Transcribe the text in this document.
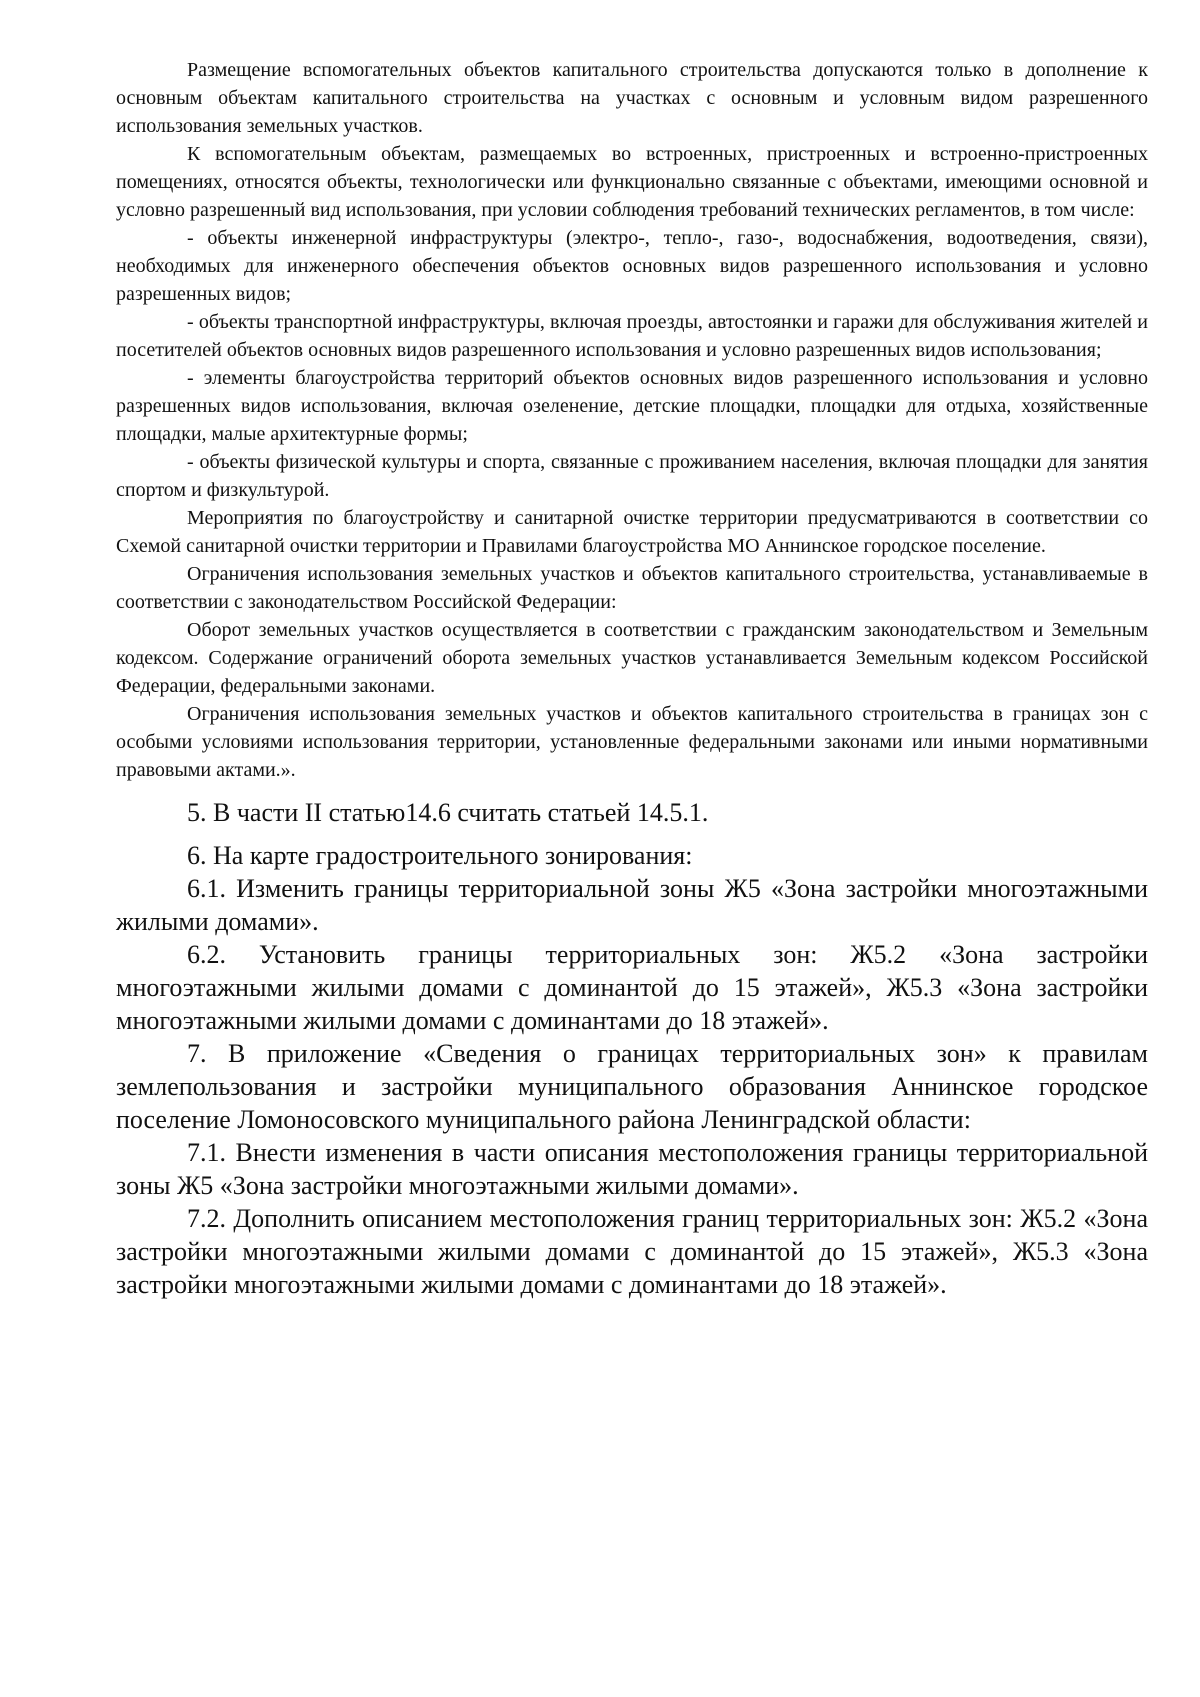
Размещение вспомогательных объектов капитального строительства допускаются только в дополнение к основным объектам капитального строительства на участках с основным и условным видом разрешенного использования земельных участков.

К вспомогательным объектам, размещаемых во встроенных, пристроенных и встроенно-пристроенных помещениях, относятся объекты, технологически или функционально связанные с объектами, имеющими основной и условно разрешенный вид использования, при условии соблюдения требований технических регламентов, в том числе:

- объекты инженерной инфраструктуры (электро-, тепло-, газо-, водоснабжения, водоотведения, связи), необходимых для инженерного обеспечения объектов основных видов разрешенного использования и условно разрешенных видов;

- объекты транспортной инфраструктуры, включая проезды, автостоянки и гаражи для обслуживания жителей и посетителей объектов основных видов разрешенного использования и условно разрешенных видов использования;

- элементы благоустройства территорий объектов основных видов разрешенного использования и условно разрешенных видов использования, включая озеленение, детские площадки, площадки для отдыха, хозяйственные площадки, малые архитектурные формы;

- объекты физической культуры и спорта, связанные с проживанием населения, включая площадки для занятия спортом и физкультурой.

Мероприятия по благоустройству и санитарной очистке территории предусматриваются в соответствии со Схемой санитарной очистки территории и Правилами благоустройства МО Аннинское городское поселение.

Ограничения использования земельных участков и объектов капитального строительства, устанавливаемые в соответствии с законодательством Российской Федерации:

Оборот земельных участков осуществляется в соответствии с гражданским законодательством и Земельным кодексом. Содержание ограничений оборота земельных участков устанавливается Земельным кодексом Российской Федерации, федеральными законами.

Ограничения использования земельных участков и объектов капитального строительства в границах зон с особыми условиями использования территории, установленные федеральными законами или иными нормативными правовыми актами.».

5. В части II статью14.6 считать статьей 14.5.1.

6. На карте градостроительного зонирования:

6.1. Изменить границы территориальной зоны Ж5 «Зона застройки многоэтажными жилыми домами».

6.2. Установить границы территориальных зон: Ж5.2 «Зона застройки многоэтажными жилыми домами с доминантой до 15 этажей», Ж5.3 «Зона застройки многоэтажными жилыми домами с доминантами до 18 этажей».

7. В приложение «Сведения о границах территориальных зон» к правилам землепользования и застройки муниципального образования Аннинское городское поселение Ломоносовского муниципального района Ленинградской области:

7.1. Внести изменения в части описания местоположения границы территориальной зоны Ж5 «Зона застройки многоэтажными жилыми домами».

7.2. Дополнить описанием местоположения границ территориальных зон: Ж5.2 «Зона застройки многоэтажными жилыми домами с доминантой до 15 этажей», Ж5.3 «Зона застройки многоэтажными жилыми домами с доминантами до 18 этажей».
